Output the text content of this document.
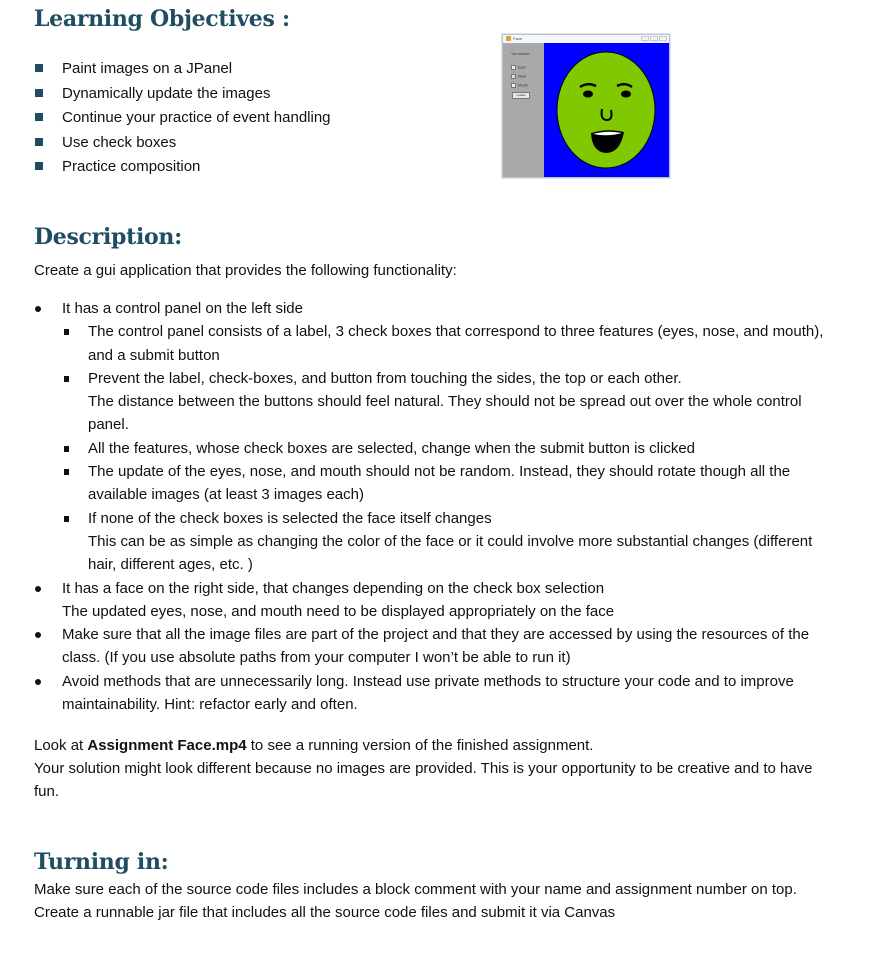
Learning Objectives :
Paint images on a JPanel
Dynamically update the images
Continue your practice of event handling
Use check boxes
Practice composition
Face
You choose...
Eyes
Nose
Mouth
update
Description:
Create a gui application that provides the following functionality:
It has a control panel on the left side
The control panel consists of a label, 3 check boxes that correspond to three features (eyes, nose, and mouth),
and a submit button
Prevent the label, check-boxes, and button from touching the sides, the top or each other.
The distance between the buttons should feel natural. They should not be spread out over the whole control
panel.
All the features, whose check boxes are selected, change when the submit button is clicked
The update of the eyes, nose, and mouth should not be random. Instead, they should rotate though all the
available images (at least 3 images each)
If none of the check boxes is selected the face itself changes
This can be as simple as changing the color of the face or it could involve more substantial changes (different
hair, different ages, etc. )
It has a face on the right side, that changes depending on the check box selection
The updated eyes, nose, and mouth need to be displayed appropriately on the face
Make sure that all the image files are part of the project and that they are accessed by using the resources of the
class. (If you use absolute paths from your computer I won’t be able to run it)
Avoid methods that are unnecessarily long. Instead use private methods to structure your code and to improve
maintainability. Hint: refactor early and often.
Look at Assignment Face.mp4 to see a running version of the finished assignment.
Your solution might look different because no images are provided. This is your opportunity to be creative and to have
fun.
Turning in:
Make sure each of the source code files includes a block comment with your name and assignment number on top.
Create a runnable jar file that includes all the source code files and submit it via Canvas
